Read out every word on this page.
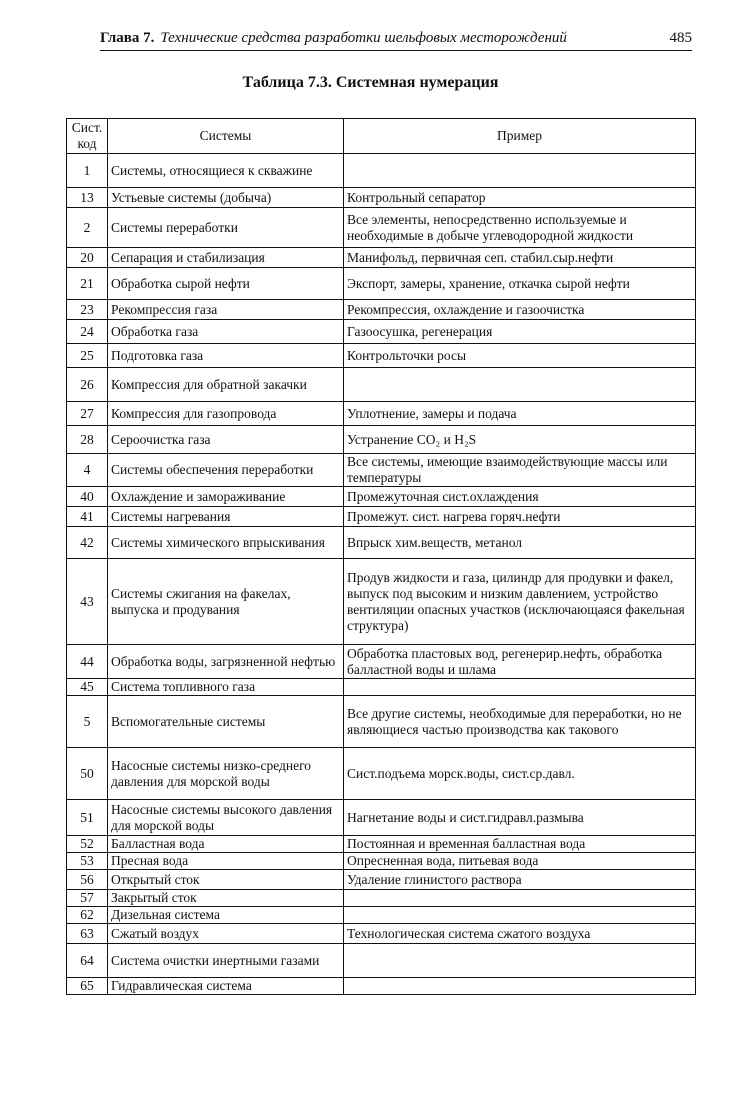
Глава 7. Технические средства разработки шельфовых месторождений	485
Таблица 7.3. Системная нумерация
Сист. код	Системы	Пример
1	Системы, относящиеся к скважине	
13	Устьевые системы (добыча)	Контрольный сепаратор
2	Системы переработки	Все элементы, непосредственно используемые и необходимые в добыче углеводородной жидкости
20	Сепарация и стабилизация	Манифольд, первичная сеп. стабил.сыр.нефти
21	Обработка сырой нефти	Экспорт, замеры, хранение, откачка сырой нефти
23	Рекомпрессия газа	Рекомпрессия, охлаждение и газоочистка
24	Обработка газа	Газоосушка, регенерация
25	Подготовка газа	Контрольточки росы
26	Компрессия для обратной закачки	
27	Компрессия для газопровода	Уплотнение, замеры и подача
28	Сероочистка газа	Устранение CO₂ и H₂S
4	Системы обеспечения переработки	Все системы, имеющие взаимодействующие массы или температуры
40	Охлаждение и замораживание	Промежуточная сист.охлаждения
41	Системы нагревания	Промежут. сист. нагрева горяч.нефти
42	Системы химического впрыскивания	Впрыск хим.веществ, метанол
43	Системы сжигания на факелах, выпуска и продувания	Продув жидкости и газа, цилиндр для продувки и факел, выпуск под высоким и низким давлением, устройство вентиляции опасных участков (исключающаяся факельная структура)
44	Обработка воды, загрязненной нефтью	Обработка пластовых вод, регенерир.нефть, обработка балластной воды и шлама
45	Система топливного газа	
5	Вспомогательные системы	Все другие системы, необходимые для переработки, но не являющиеся частью производства как такового
50	Насосные системы низко-среднего давления для морской воды	Сист.подъема морск.воды, сист.ср.давл.
51	Насосные системы высокого давления для морской воды	Нагнетание воды и сист.гидравл.размыва
52	Балластная вода	Постоянная и временная балластная вода
53	Пресная вода	Опресненная вода, питьевая вода
56	Открытый сток	Удаление глинистого раствора
57	Закрытый сток	
62	Дизельная система	
63	Сжатый воздух	Технологическая система сжатого воздуха
64	Система очистки инертными газами	
65	Гидравлическая система	
